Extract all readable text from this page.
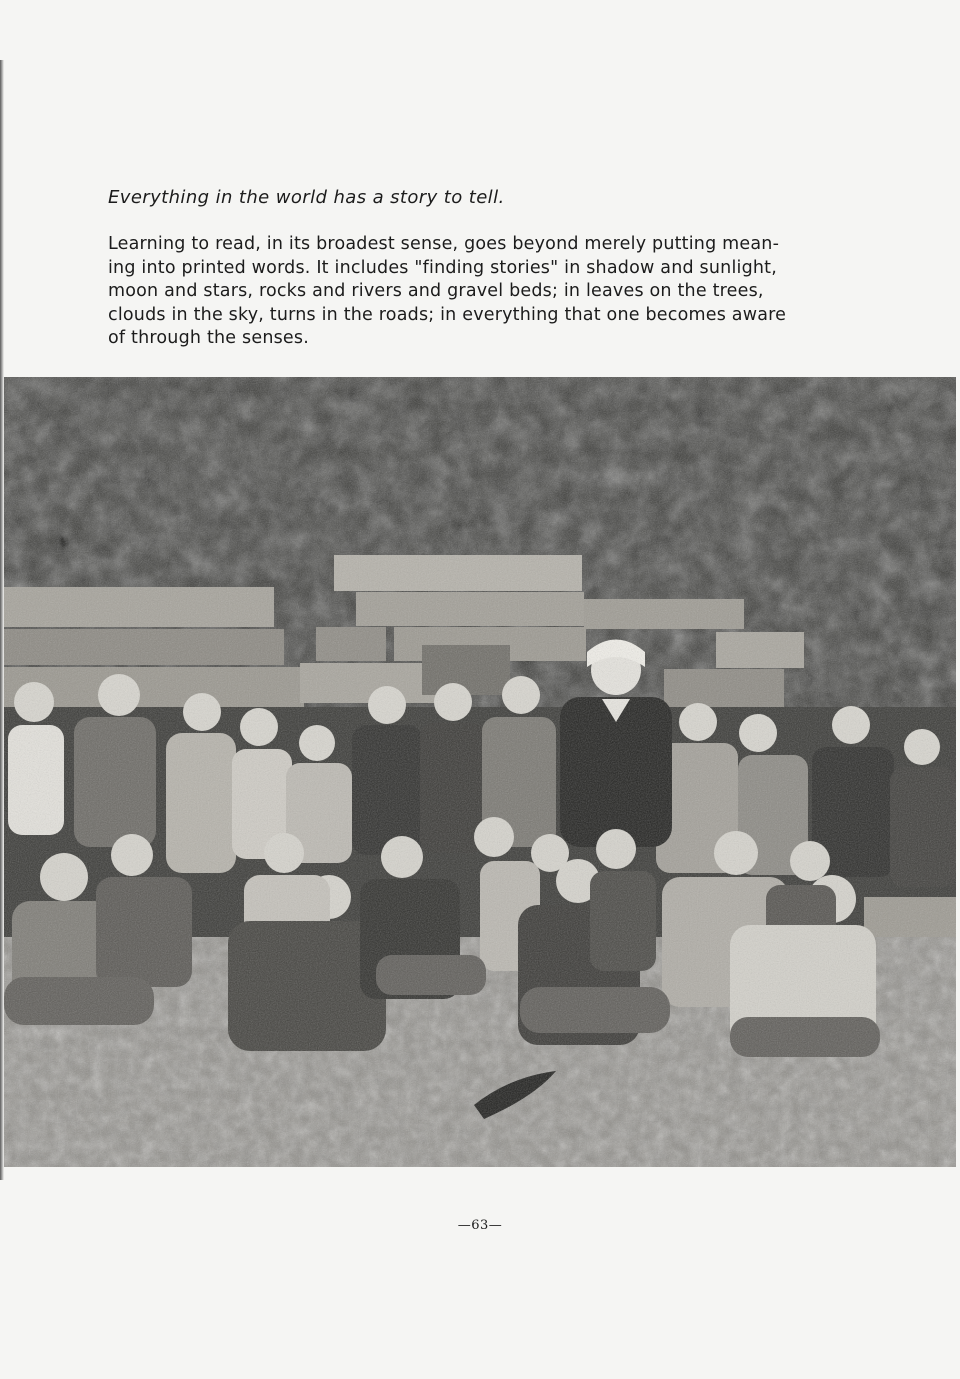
Everything in the world has a story to tell.

Learning to read, in its broadest sense, goes beyond merely putting mean-
ing into printed words. It includes "finding stories" in shadow and sunlight,
moon and stars, rocks and rivers and gravel beds; in leaves on the trees,
clouds in the sky, turns in the roads; in everything that one becomes aware
of through the senses.
—63—
